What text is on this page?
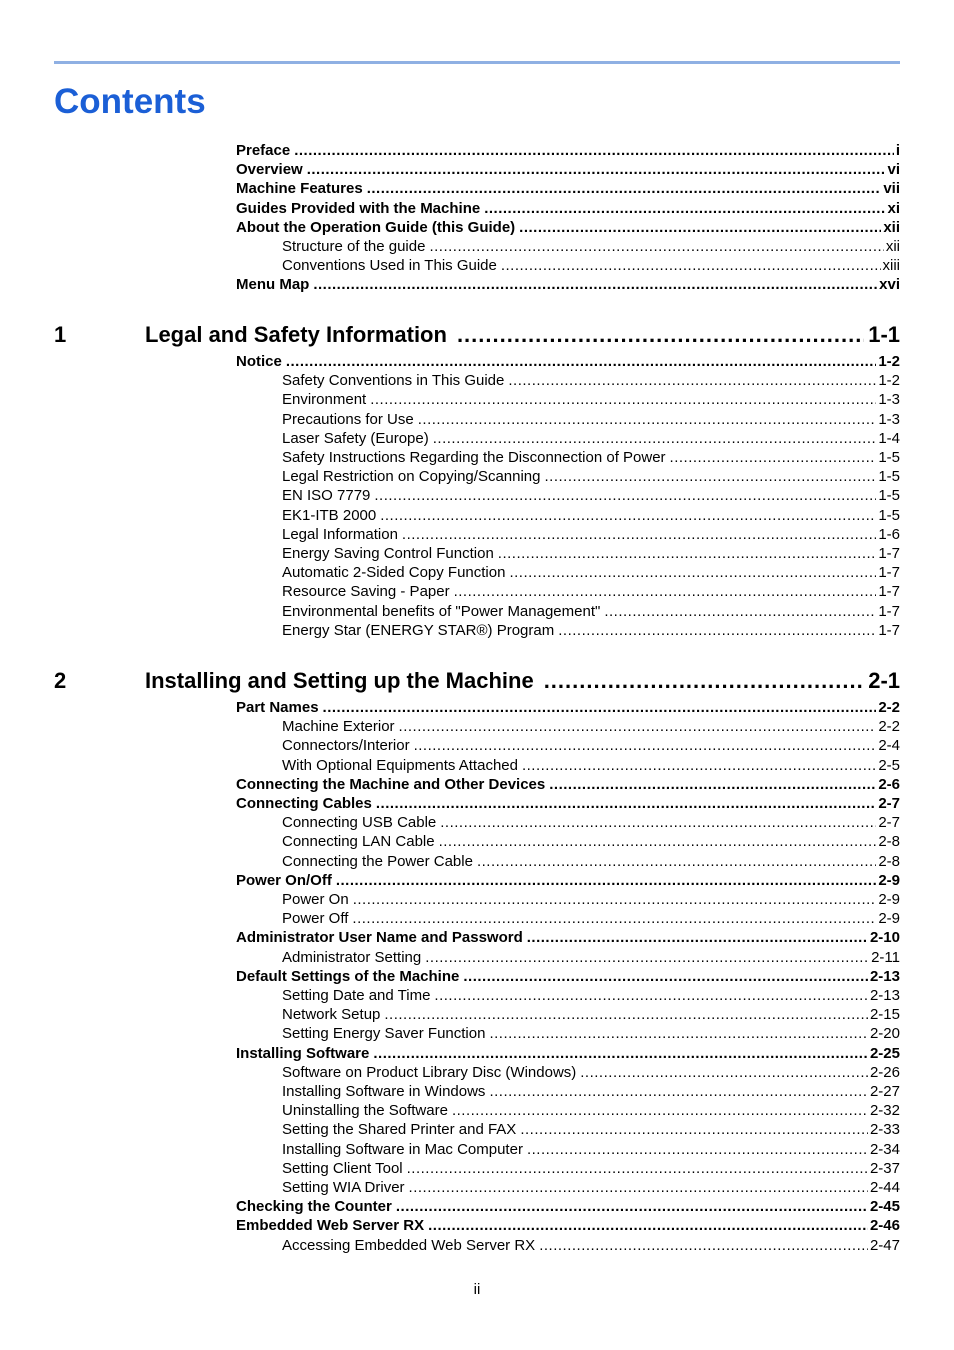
Contents
Preface .....	i
Overview .....	vi
Machine Features .....	vii
Guides Provided with the Machine .....	xi
About the Operation Guide (this Guide) .....	xii
Structure of the guide .....	xii
Conventions Used in This Guide .....	xiii
Menu Map .....	xvi
1	Legal and Safety Information .....	1-1
Notice .....	1-2
Safety Conventions in This Guide .....	1-2
Environment .....	1-3
Precautions for Use .....	1-3
Laser Safety (Europe) .....	1-4
Safety Instructions Regarding the Disconnection of Power .....	1-5
Legal Restriction on Copying/Scanning .....	1-5
EN ISO 7779 .....	1-5
EK1-ITB 2000 .....	1-5
Legal Information .....	1-6
Energy Saving Control Function .....	1-7
Automatic 2-Sided Copy Function .....	1-7
Resource Saving - Paper .....	1-7
Environmental benefits of "Power Management" .....	1-7
Energy Star (ENERGY STAR®) Program .....	1-7
2	Installing and Setting up the Machine .....	2-1
Part Names .....	2-2
Machine Exterior .....	2-2
Connectors/Interior .....	2-4
With Optional Equipments Attached .....	2-5
Connecting the Machine and Other Devices .....	2-6
Connecting Cables .....	2-7
Connecting USB Cable .....	2-7
Connecting LAN Cable .....	2-8
Connecting the Power Cable .....	2-8
Power On/Off .....	2-9
Power On .....	2-9
Power Off .....	2-9
Administrator User Name and Password .....	2-10
Administrator Setting .....	2-11
Default Settings of the Machine .....	2-13
Setting Date and Time .....	2-13
Network Setup .....	2-15
Setting Energy Saver Function .....	2-20
Installing Software .....	2-25
Software on Product Library Disc (Windows) .....	2-26
Installing Software in Windows .....	2-27
Uninstalling the Software .....	2-32
Setting the Shared Printer and FAX .....	2-33
Installing Software in Mac Computer .....	2-34
Setting Client Tool .....	2-37
Setting WIA Driver .....	2-44
Checking the Counter .....	2-45
Embedded Web Server RX .....	2-46
Accessing Embedded Web Server RX .....	2-47
ii
